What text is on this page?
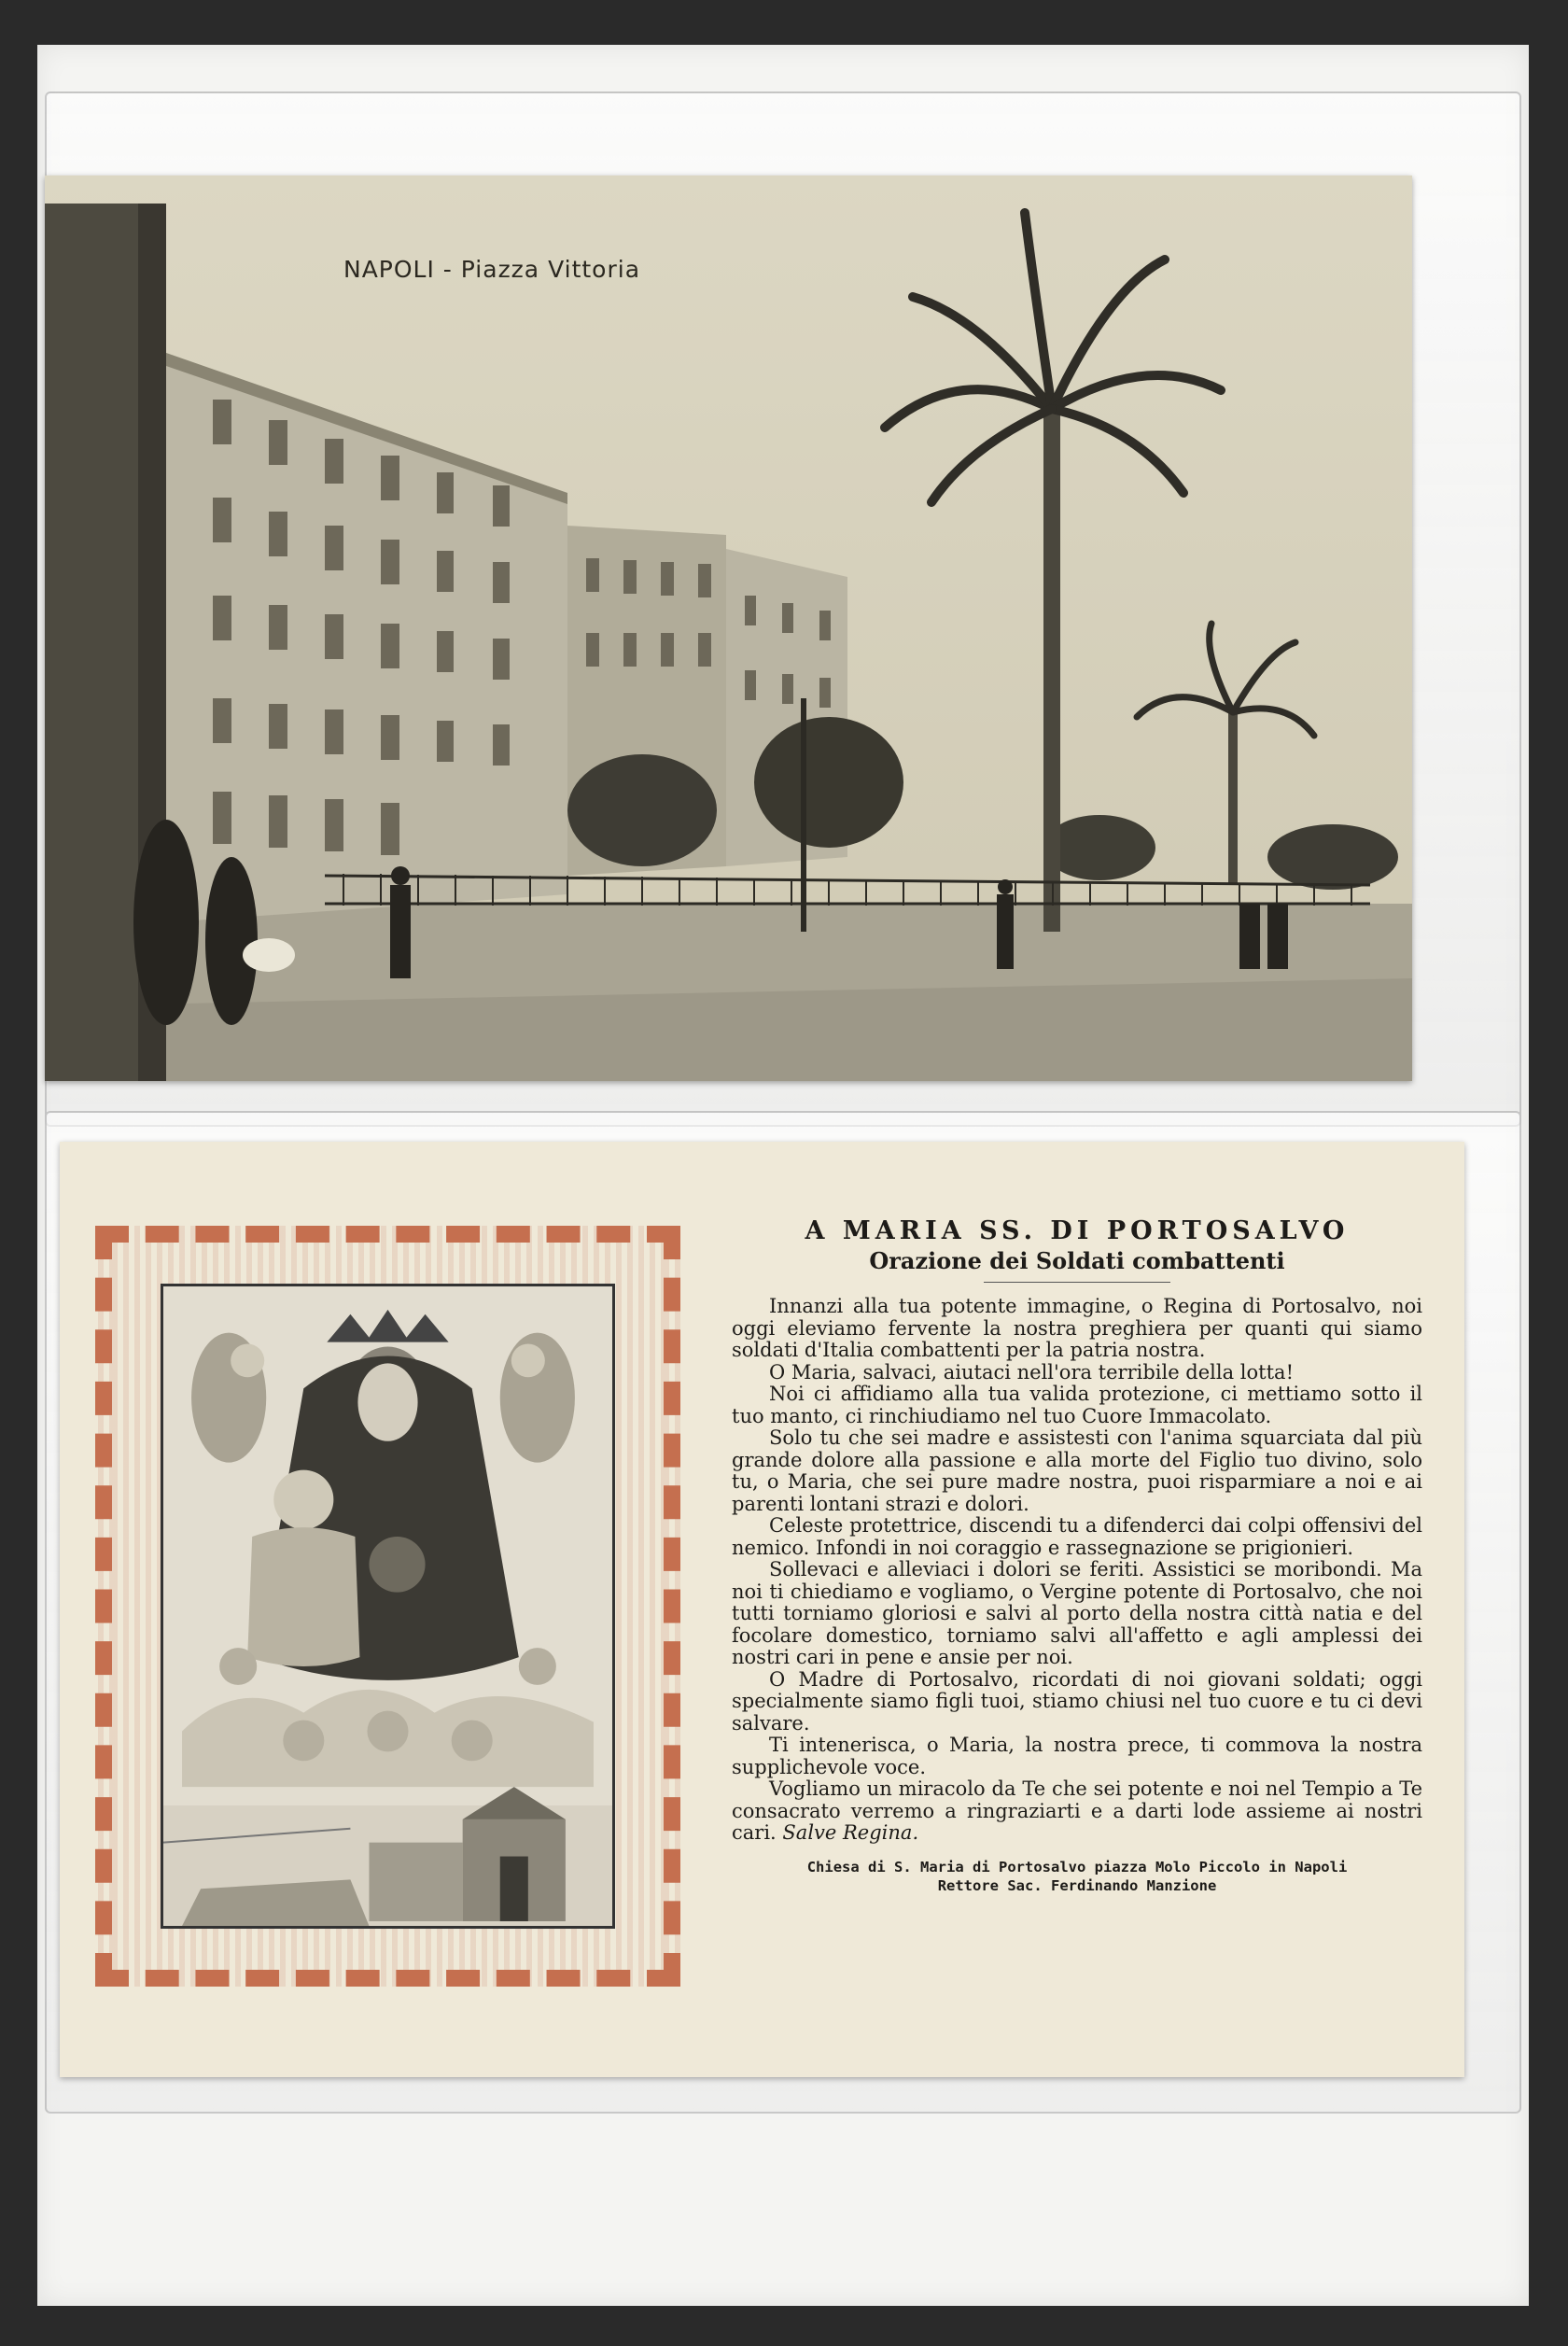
NAPOLI - Piazza Vittoria
A MARIA SS. DI PORTOSALVO
Orazione dei Soldati combattenti

Innanzi alla tua potente immagine, o Regina di Portosalvo, noi oggi eleviamo fervente la nostra preghiera per quanti qui siamo soldati d'Italia combattenti per la patria nostra.

O Maria, salvaci, aiutaci nell'ora terribile della lotta!

Noi ci affidiamo alla tua valida protezione, ci mettiamo sotto il tuo manto, ci rinchiudiamo nel tuo Cuore Immacolato.

Solo tu che sei madre e assistesti con l'anima squarciata dal più grande dolore alla passione e alla morte del Figlio tuo divino, solo tu, o Maria, che sei pure madre nostra, puoi risparmiare a noi e ai parenti lontani strazi e dolori.

Celeste protettrice, discendi tu a difenderci dai colpi offensivi del nemico. Infondi in noi coraggio e rassegnazione se prigionieri.

Sollevaci e alleviaci i dolori se feriti. Assistici se moribondi. Ma noi ti chiediamo e vogliamo, o Vergine potente di Portosalvo, che noi tutti torniamo gloriosi e salvi al porto della nostra città natia e del focolare domestico, torniamo salvi all'affetto e agli amplessi dei nostri cari in pene e ansie per noi.

O Madre di Portosalvo, ricordati di noi giovani soldati; oggi specialmente siamo figli tuoi, stiamo chiusi nel tuo cuore e tu ci devi salvare.

Ti intenerisca, o Maria, la nostra prece, ti commova la nostra supplichevole voce.

Vogliamo un miracolo da Te che sei potente e noi nel Tempio a Te consacrato verremo a ringraziarti e a darti lode assieme ai nostri cari. Salve Regina.

Chiesa di S. Maria di Portosalvo piazza Molo Piccolo in Napoli
Rettore Sac. Ferdinando Manzione
